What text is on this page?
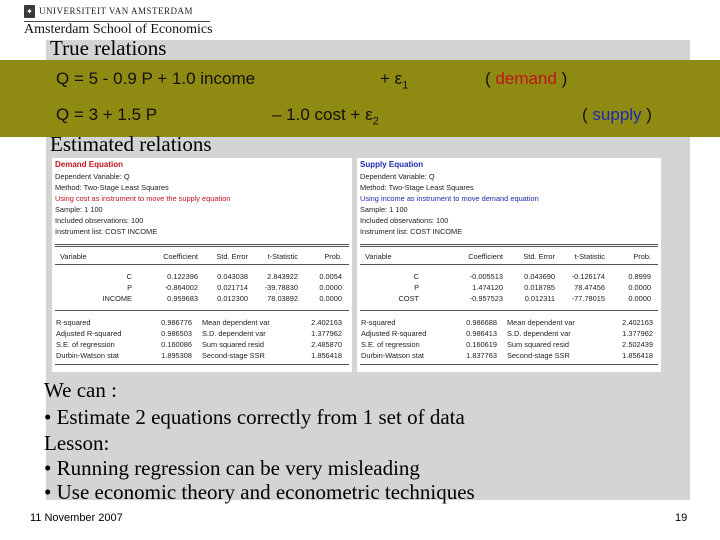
✦ UNIVERSITEIT VAN AMSTERDAM
Amsterdam School of Economics
True relations
Q = 5 - 0.9 P + 1.0 income	+ $\varepsilon_1$	( demand )
Q = 3 + 1.5 P	– 1.0 $\cos t + \varepsilon_2$	( supply )
Estimated relations
Demand Equation
Dependent Variable: Q
Method: Two-Stage Least Squares
Using cost as instrument to move the supply equation
Sample: 1 100
Included observations: 100
Instrument list: COST INCOME
Variable	Coefficient	Std. Error	t-Statistic	Prob.
C	0.122396	0.043038	2.843922	0.0054
P	-0.864002	0.021714	-39.78830	0.0000
INCOME	0.959683	0.012300	78.03892	0.0000
R-squared	0.986776 Mean dependent var	2.402163
Adjusted R-squared	0.986503 S.D. dependent var	1.377962
S.E. of regression	0.160086 Sum squared resid	2.485870
Durbin-Watson stat	1.895308 Second-stage SSR	1.856418
Supply Equation
Dependent Variable: Q
Method: Two-Stage Least Squares
Using income as instrument to move demand equation
Sample: 1 100
Included observations: 100
Instrument list: COST INCOME
Variable	Coefficient	Std. Error	t-Statistic	Prob.
C	-0.005513	0.043690	-0.126174	0.8999
P	1.474120	0.018785	78.47456	0.0000
COST	-0.957523	0.012311	-77.78015	0.0000
R-squared	0.986688 Mean dependent var	2.402163
Adjusted R-squared	0.986413 S.D. dependent var	1.377962
S.E. of regression	0.160619 Sum squared resid	2.502439
Durbin-Watson stat	1.837763 Second-stage SSR	1.856418
We can :
• Estimate 2 equations correctly from 1 set of data
Lesson:
• Running regression can be very misleading
• Use economic theory and econometric techniques
11 November 2007	19
